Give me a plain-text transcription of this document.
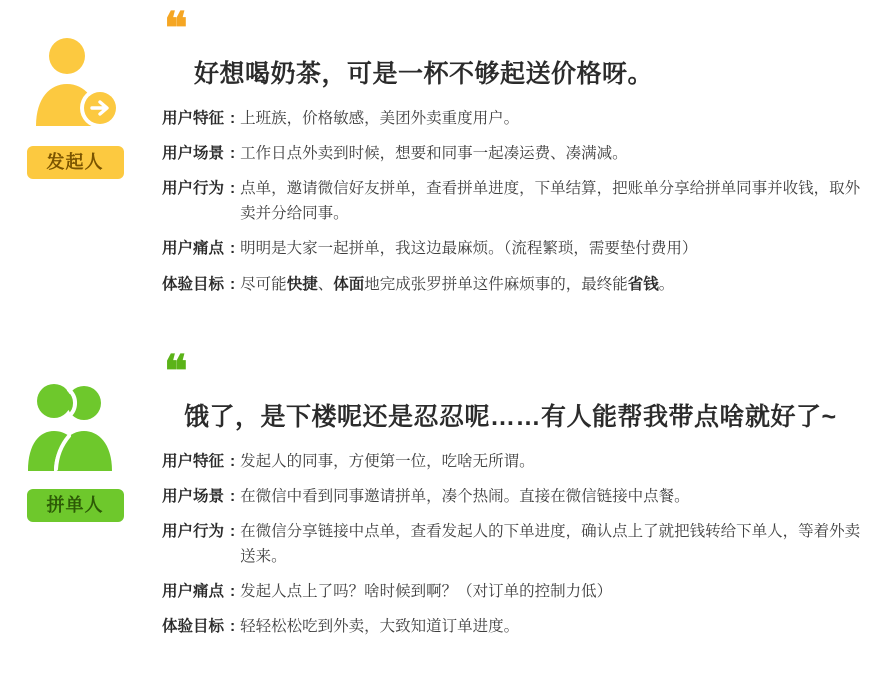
发起人
❝
好想喝奶茶，可是一杯不够起送价格呀。
用户特征 : 上班族，价格敏感，美团外卖重度用户。
用户场景 : 工作日点外卖到时候，想要和同事一起凑运费、凑满减。
用户行为 : 点单，邀请微信好友拼单，查看拼单进度，下单结算，把账单分享给拼单同事并收钱，取外卖并分给同事。
用户痛点 : 明明是大家一起拼单，我这边最麻烦。（流程繁琐，需要垫付费用）
体验目标 : 尽可能快捷、体面地完成张罗拼单这件麻烦事的，最终能省钱。
拼单人
❝
饿了，是下楼呢还是忍忍呢……有人能帮我带点啥就好了~
用户特征 : 发起人的同事，方便第一位，吃啥无所谓。
用户场景 : 在微信中看到同事邀请拼单，凑个热闹。直接在微信链接中点餐。
用户行为 : 在微信分享链接中点单，查看发起人的下单进度，确认点上了就把钱转给下单人，等着外卖送来。
用户痛点 : 发起人点上了吗？啥时候到啊？（对订单的控制力低）
体验目标 : 轻轻松松吃到外卖，大致知道订单进度。
